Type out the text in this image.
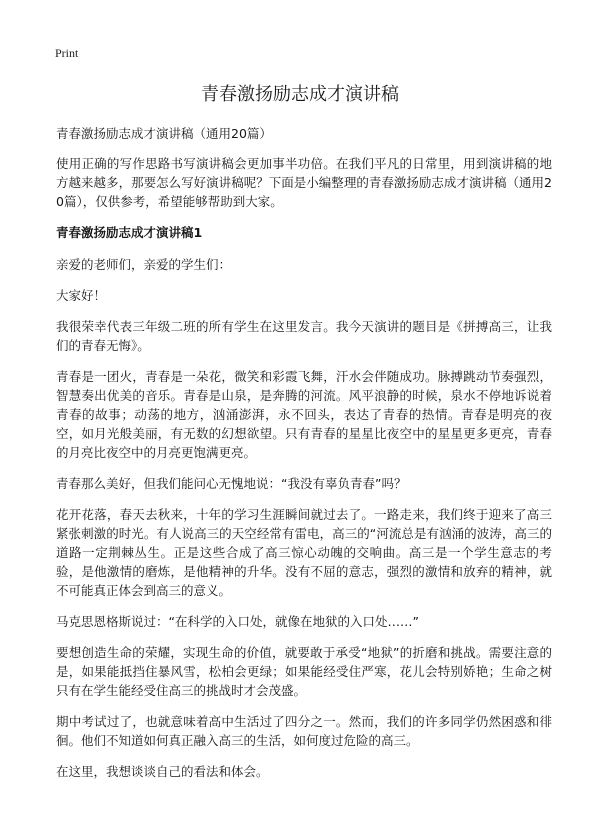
Print
青春激扬励志成才演讲稿

青春激扬励志成才演讲稿（通用20篇）

使用正确的写作思路书写演讲稿会更加事半功倍。在我们平凡的日常里，用到演讲稿的地方越来越多，那要怎么写好演讲稿呢？下面是小编整理的青春激扬励志成才演讲稿（通用20篇），仅供参考，希望能够帮助到大家。

青春激扬励志成才演讲稿1

亲爱的老师们，亲爱的学生们：

大家好！

我很荣幸代表三年级二班的所有学生在这里发言。我今天演讲的题目是《拼搏高三，让我们的青春无悔》。

青春是一团火，青春是一朵花，微笑和彩霞飞舞，汗水会伴随成功。脉搏跳动节奏强烈，智慧奏出优美的音乐。青春是山泉，是奔腾的河流。风平浪静的时候，泉水不停地诉说着青春的故事；动荡的地方，汹涌澎湃，永不回头，表达了青春的热情。青春是明亮的夜空，如月光般美丽，有无数的幻想欲望。只有青春的星星比夜空中的星星更多更亮，青春的月亮比夜空中的月亮更饱满更亮。

青春那么美好，但我们能问心无愧地说：“我没有辜负青春”吗？

花开花落，春天去秋来，十年的学习生涯瞬间就过去了。一路走来，我们终于迎来了高三紧张刺激的时光。有人说高三的天空经常有雷电，高三的“河流总是有汹涌的波涛，高三的道路一定荆棘丛生。正是这些合成了高三惊心动魄的交响曲。高三是一个学生意志的考验，是他激情的磨炼，是他精神的升华。没有不屈的意志，强烈的激情和放弃的精神，就不可能真正体会到高三的意义。

马克思恩格斯说过：“在科学的入口处，就像在地狱的入口处……”

要想创造生命的荣耀，实现生命的价值，就要敢于承受“地狱”的折磨和挑战。需要注意的是，如果能抵挡住暴风雪，松柏会更绿；如果能经受住严寒，花儿会特别娇艳；生命之树只有在学生能经受住高三的挑战时才会茂盛。

期中考试过了，也就意味着高中生活过了四分之一。然而，我们的许多同学仍然困惑和徘徊。他们不知道如何真正融入高三的生活，如何度过危险的高三。

在这里，我想谈谈自己的看法和体会。
